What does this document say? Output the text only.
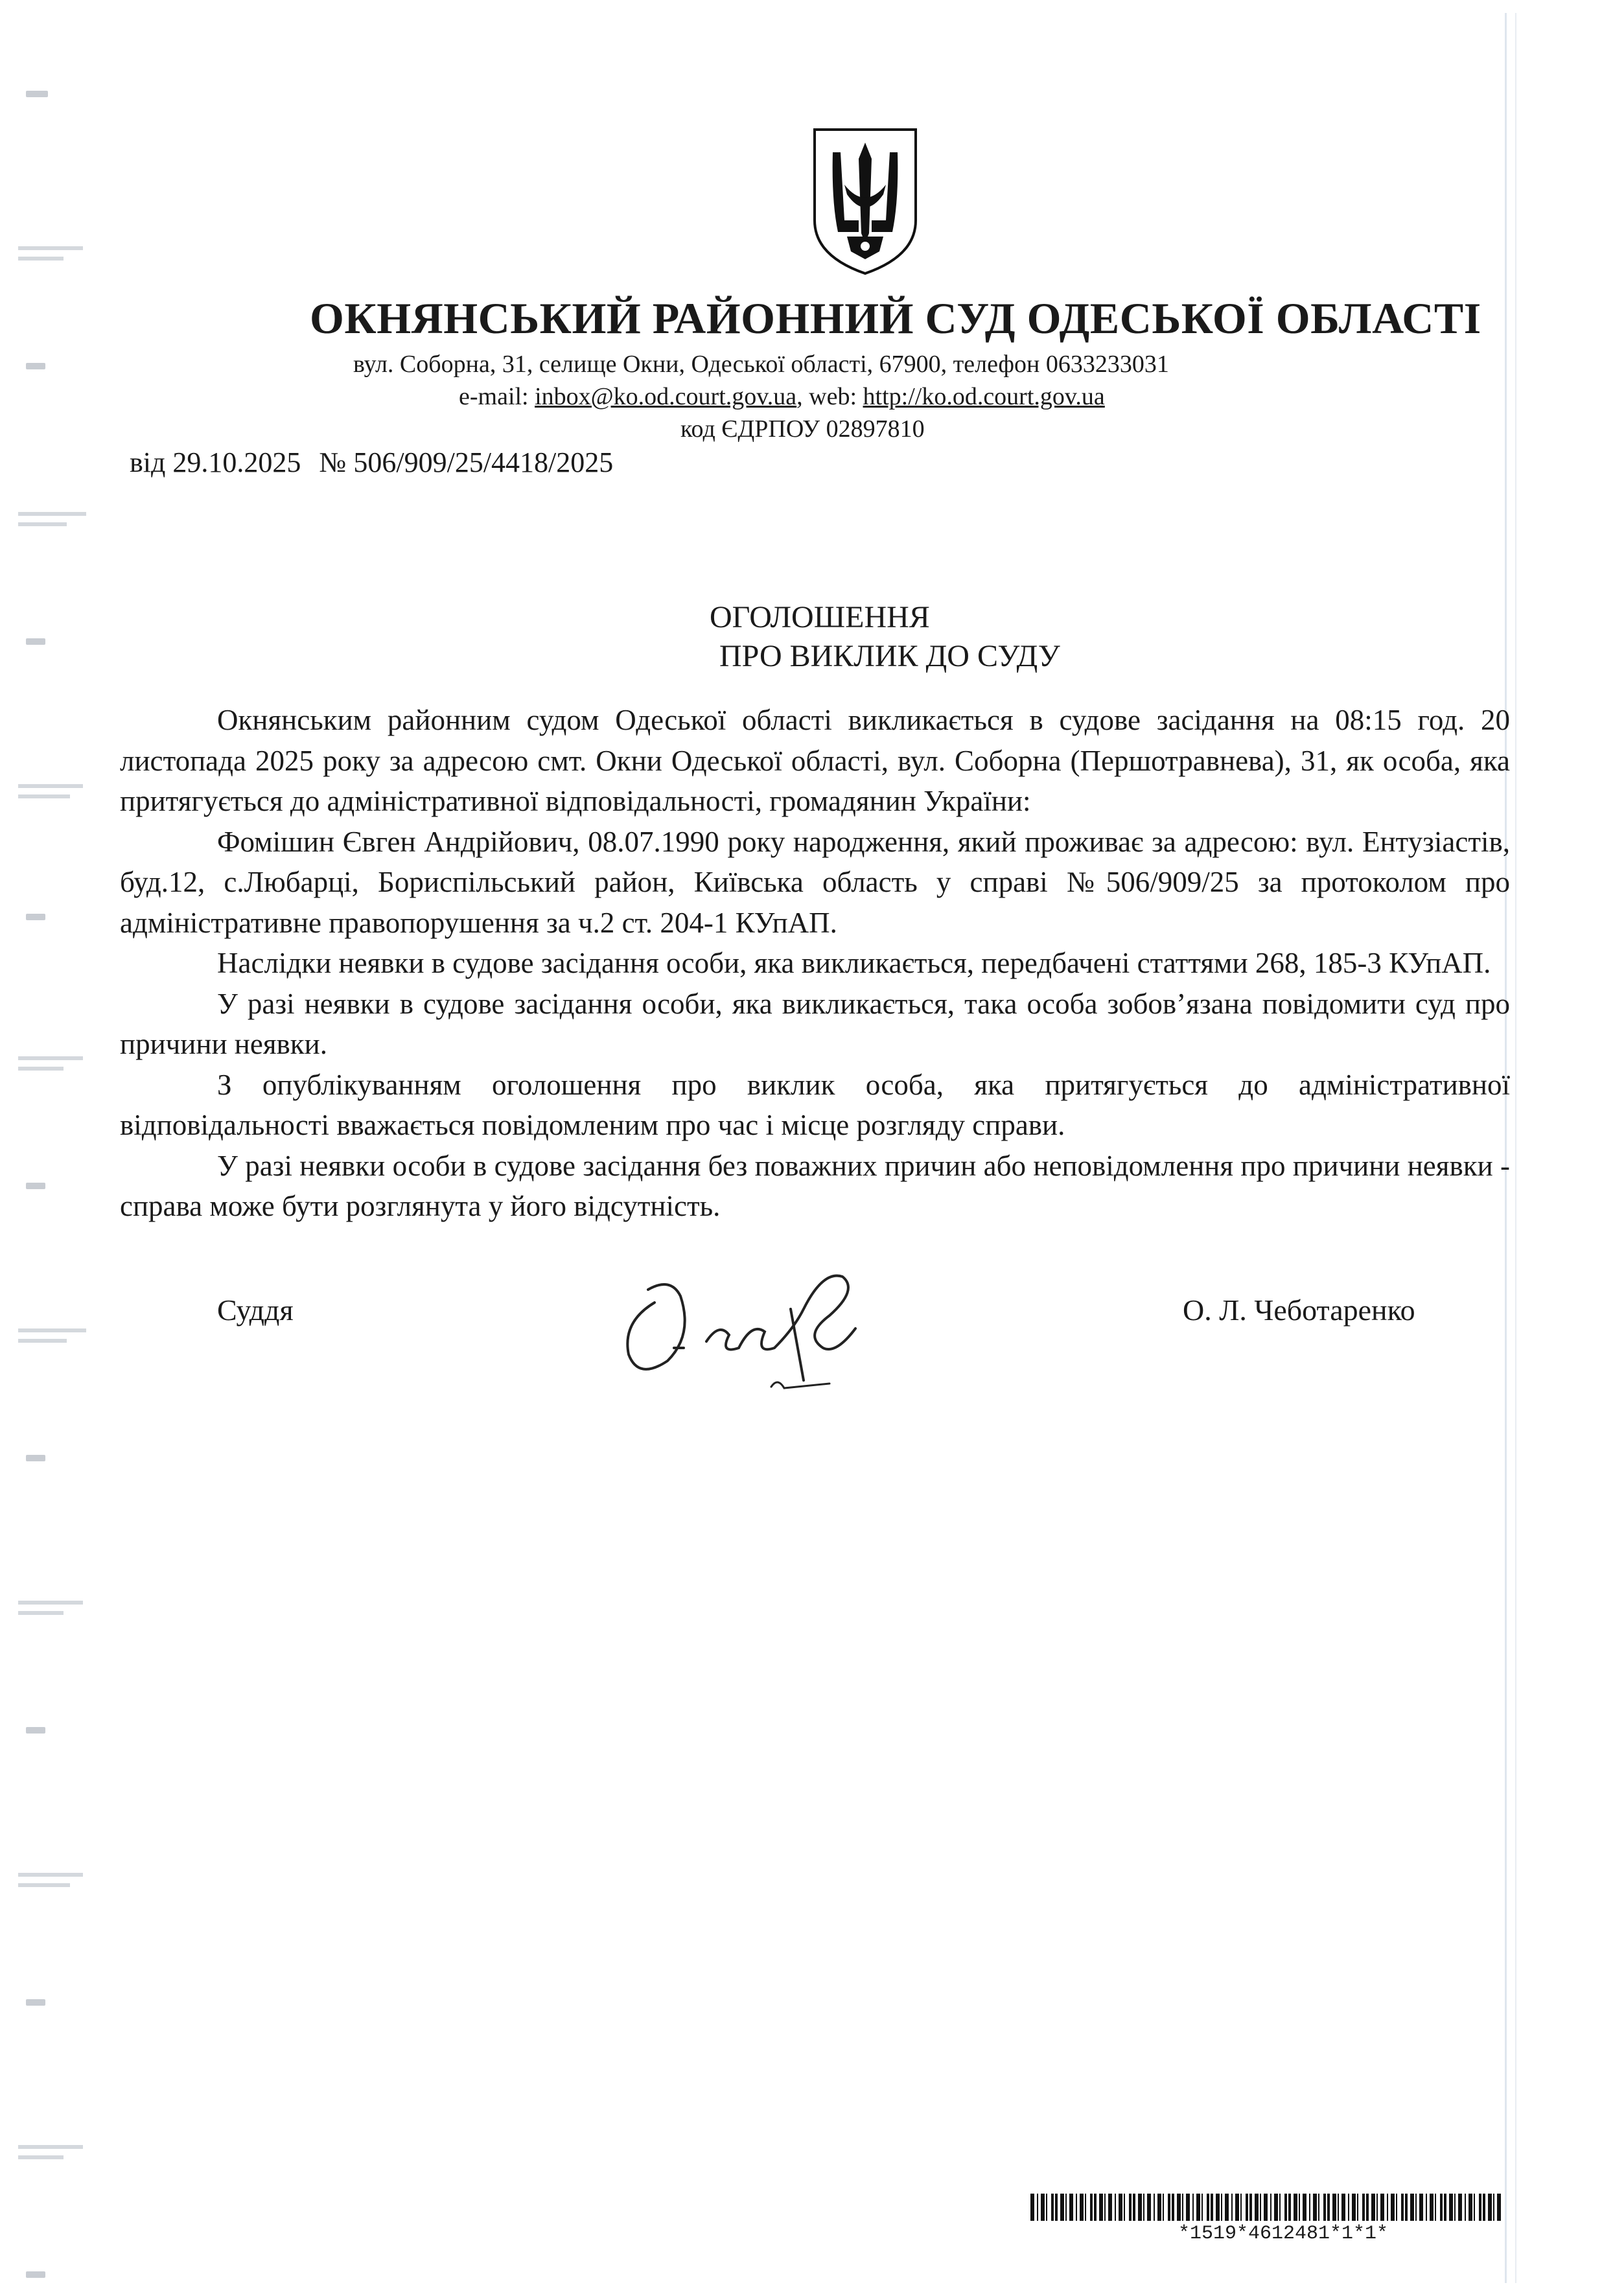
ОКНЯНСЬКИЙ РАЙОННИЙ СУД ОДЕСЬКОЇ ОБЛАСТІ
вул. Соборна, 31, селище Окни, Одеської області, 67900, телефон 0633233031
e-mail: inbox@ko.od.court.gov.ua, web: http://ko.od.court.gov.ua
код ЄДРПОУ 02897810
від 29.10.2025 № 506/909/25/4418/2025
ОГОЛОШЕННЯ
ПРО ВИКЛИК ДО СУДУ

Окнянським районним судом Одеської області викликається в судове засідання на 08:15 год. 20 листопада 2025 року за адресою смт. Окни Одеської області, вул. Соборна (Першотравнева), 31, як особа, яка притягується до адміністративної відповідальності, громадянин України:

Фомішин Євген Андрійович, 08.07.1990 року народження, який проживає за адресою: вул. Ентузіастів, буд.12, с.Любарці, Бориспільський район, Київська область у справі №506/909/25 за протоколом про адміністративне правопорушення за ч.2 ст. 204-1 КУпАП.

Наслідки неявки в судове засідання особи, яка викликається, передбачені статтями 268, 185-3 КУпАП.

У разі неявки в судове засідання особи, яка викликається, така особа зобов’язана повідомити суд про причини неявки.

З опублікуванням оголошення про виклик особа, яка притягується до адміністративної відповідальності вважається повідомленим про час і місце розгляду справи.

У разі неявки особи в судове засідання без поважних причин або неповідомлення про причини неявки - справа може бути розглянута у його відсутність.

Суддя	О. Л. Чеботаренко
*1519*4612481*1*1*
